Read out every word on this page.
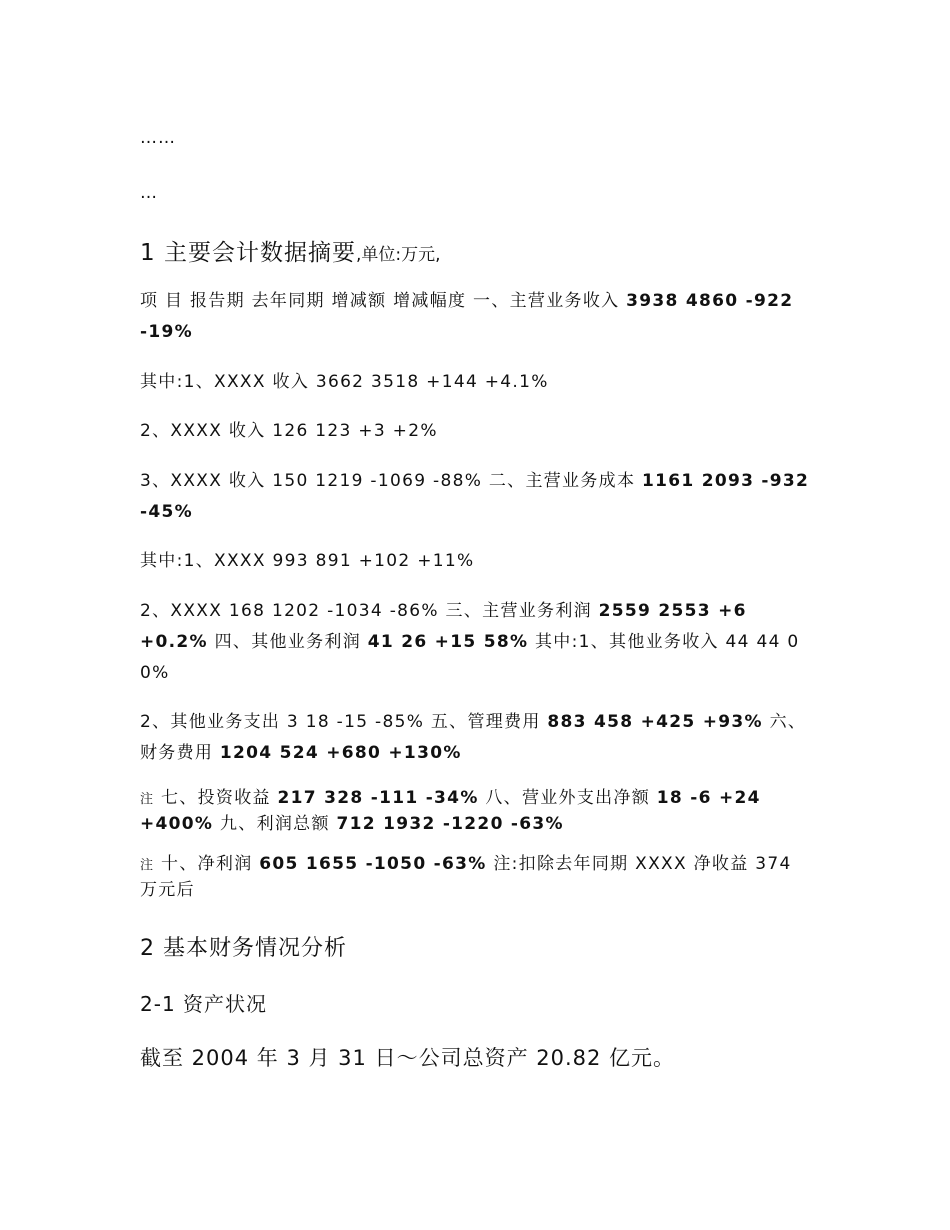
……
…
1 主要会计数据摘要,单位:万元,

项 目 报告期 去年同期 增减额 增减幅度 一、主营业务收入 3938 4860 -922 -19%

其中:1、XXXX 收入 3662 3518 +144 +4.1%

2、XXXX 收入 126 123 +3 +2%

3、XXXX 收入 150 1219 -1069 -88% 二、主营业务成本 1161 2093 -932 -45%

其中:1、XXXX 993 891 +102 +11%

2、XXXX 168 1202 -1034 -86% 三、主营业务利润 2559 2553 +6 +0.2% 四、其他业务利润 41 26 +15 58% 其中:1、其他业务收入 44 44 0 0%

2、其他业务支出 3 18 -15 -85% 五、管理费用 883 458 +425 +93% 六、财务费用 1204 524 +680 +130%

注 七、投资收益 217 328 -111 -34% 八、营业外支出净额 18 -6 +24 +400% 九、利润总额 712 1932 -1220 -63%

注 十、净利润 605 1655 -1050 -63% 注:扣除去年同期 XXXX 净收益 374 万元后

2 基本财务情况分析
2-1 资产状况
截至 2004 年 3 月 31 日～公司总资产 20.82 亿元。
